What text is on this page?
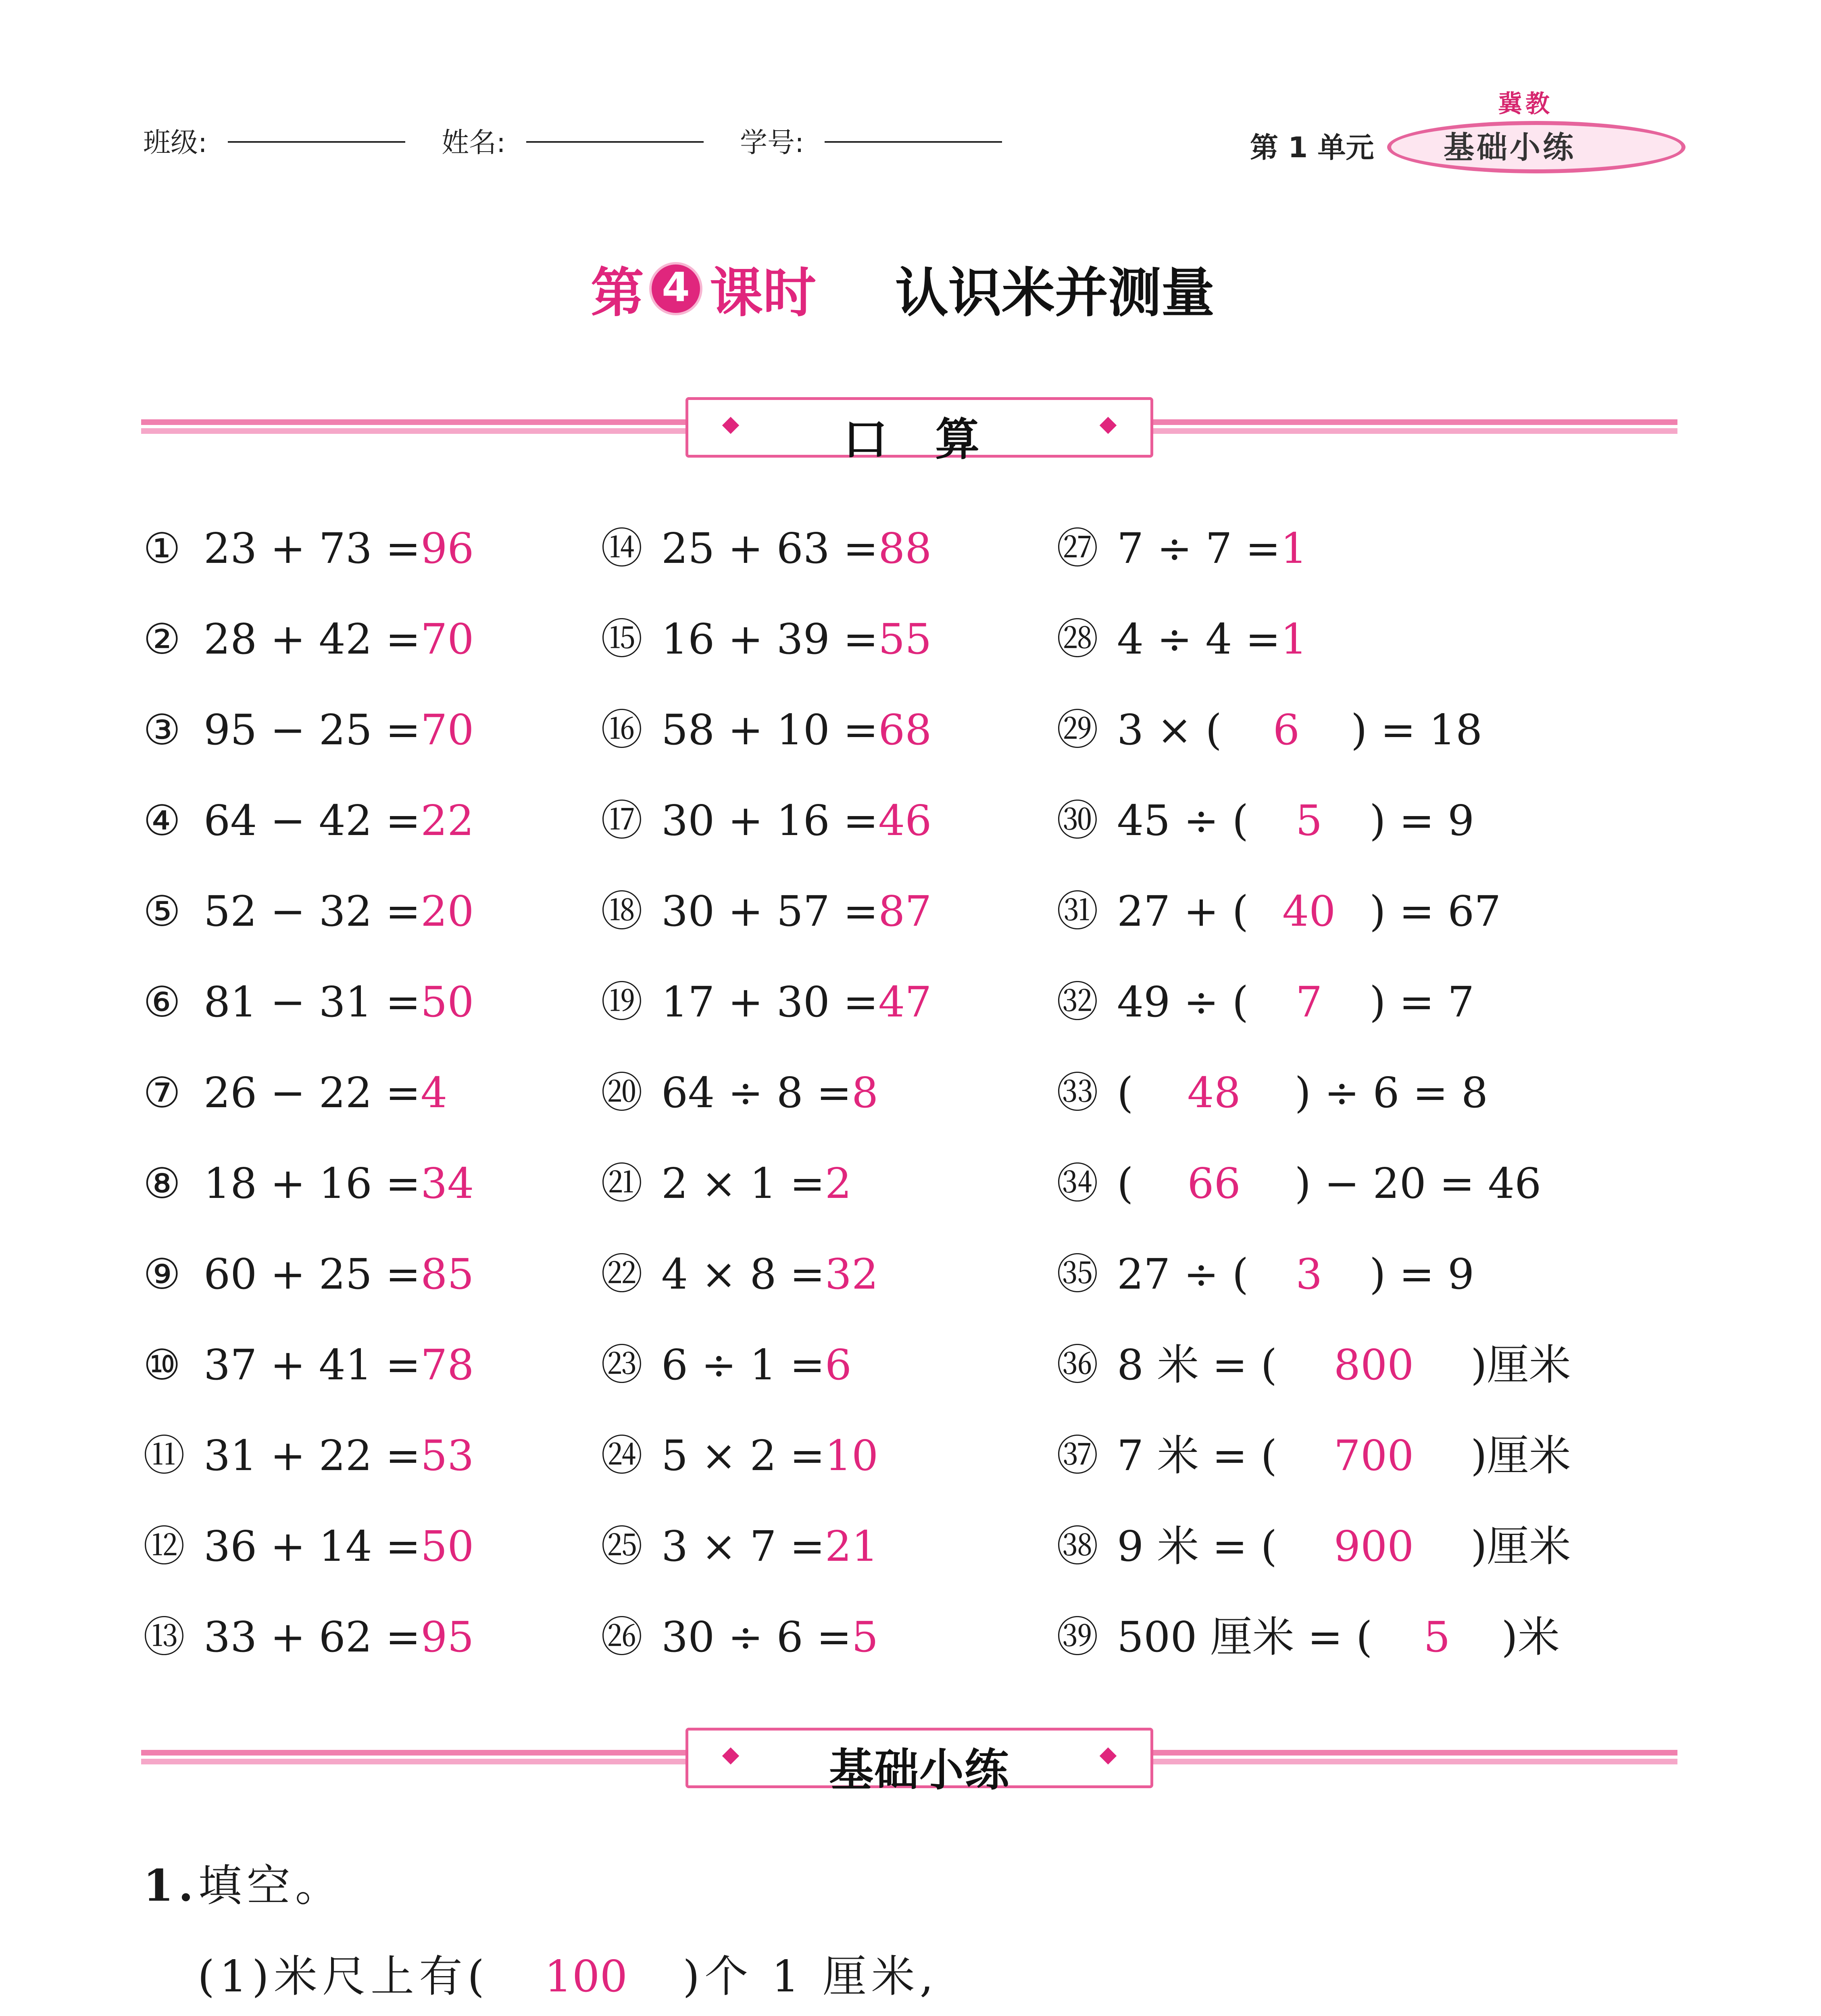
班级:	姓名:	学号:	第 1 单元
冀教
基础小练
第 4 课时 认识米并测量
口 算
① 23 + 73 =96
② 28 + 42 =70
③ 95 − 25 =70
④ 64 − 42 =22
⑤ 52 − 32 =20
⑥ 81 − 31 =50
⑦ 26 − 22 =4
⑧ 18 + 16 =34
⑨ 60 + 25 =85
⑩ 37 + 41 =78
⑪ 31 + 22 =53
⑫ 36 + 14 =50
⑬ 33 + 62 =95
⑭ 25 + 63 =88
⑮ 16 + 39 =55
⑯ 58 + 10 =68
⑰ 30 + 16 =46
⑱ 30 + 57 =87
⑲ 17 + 30 =47
⑳ 64 ÷ 8 =8
㉑ 2 × 1 =2
㉒ 4 × 8 =32
㉓ 6 ÷ 1 =6
㉔ 5 × 2 =10
㉕ 3 × 7 =21
㉖ 30 ÷ 6 =5
㉗ 7 ÷ 7 =1
㉘ 4 ÷ 4 =1
㉙ 3 × ( 6 ) = 18
㉚ 45 ÷ ( 5 ) = 9
㉛ 27 + ( 40 ) = 67
㉜ 49 ÷ ( 7 ) = 7
㉝ ( 48 ) ÷ 6 = 8
㉞ ( 66 ) − 20 = 46
㉟ 27 ÷ ( 3 ) = 9
㊱ 8 米 = ( 800 )厘米
㊲ 7 米 = ( 700 )厘米
㊳ 9 米 = ( 900 )厘米
㊴ 500 厘米 = ( 5 )米
基础小练
1.填空。
(1)米尺上有( 100 )个 1 厘米,
